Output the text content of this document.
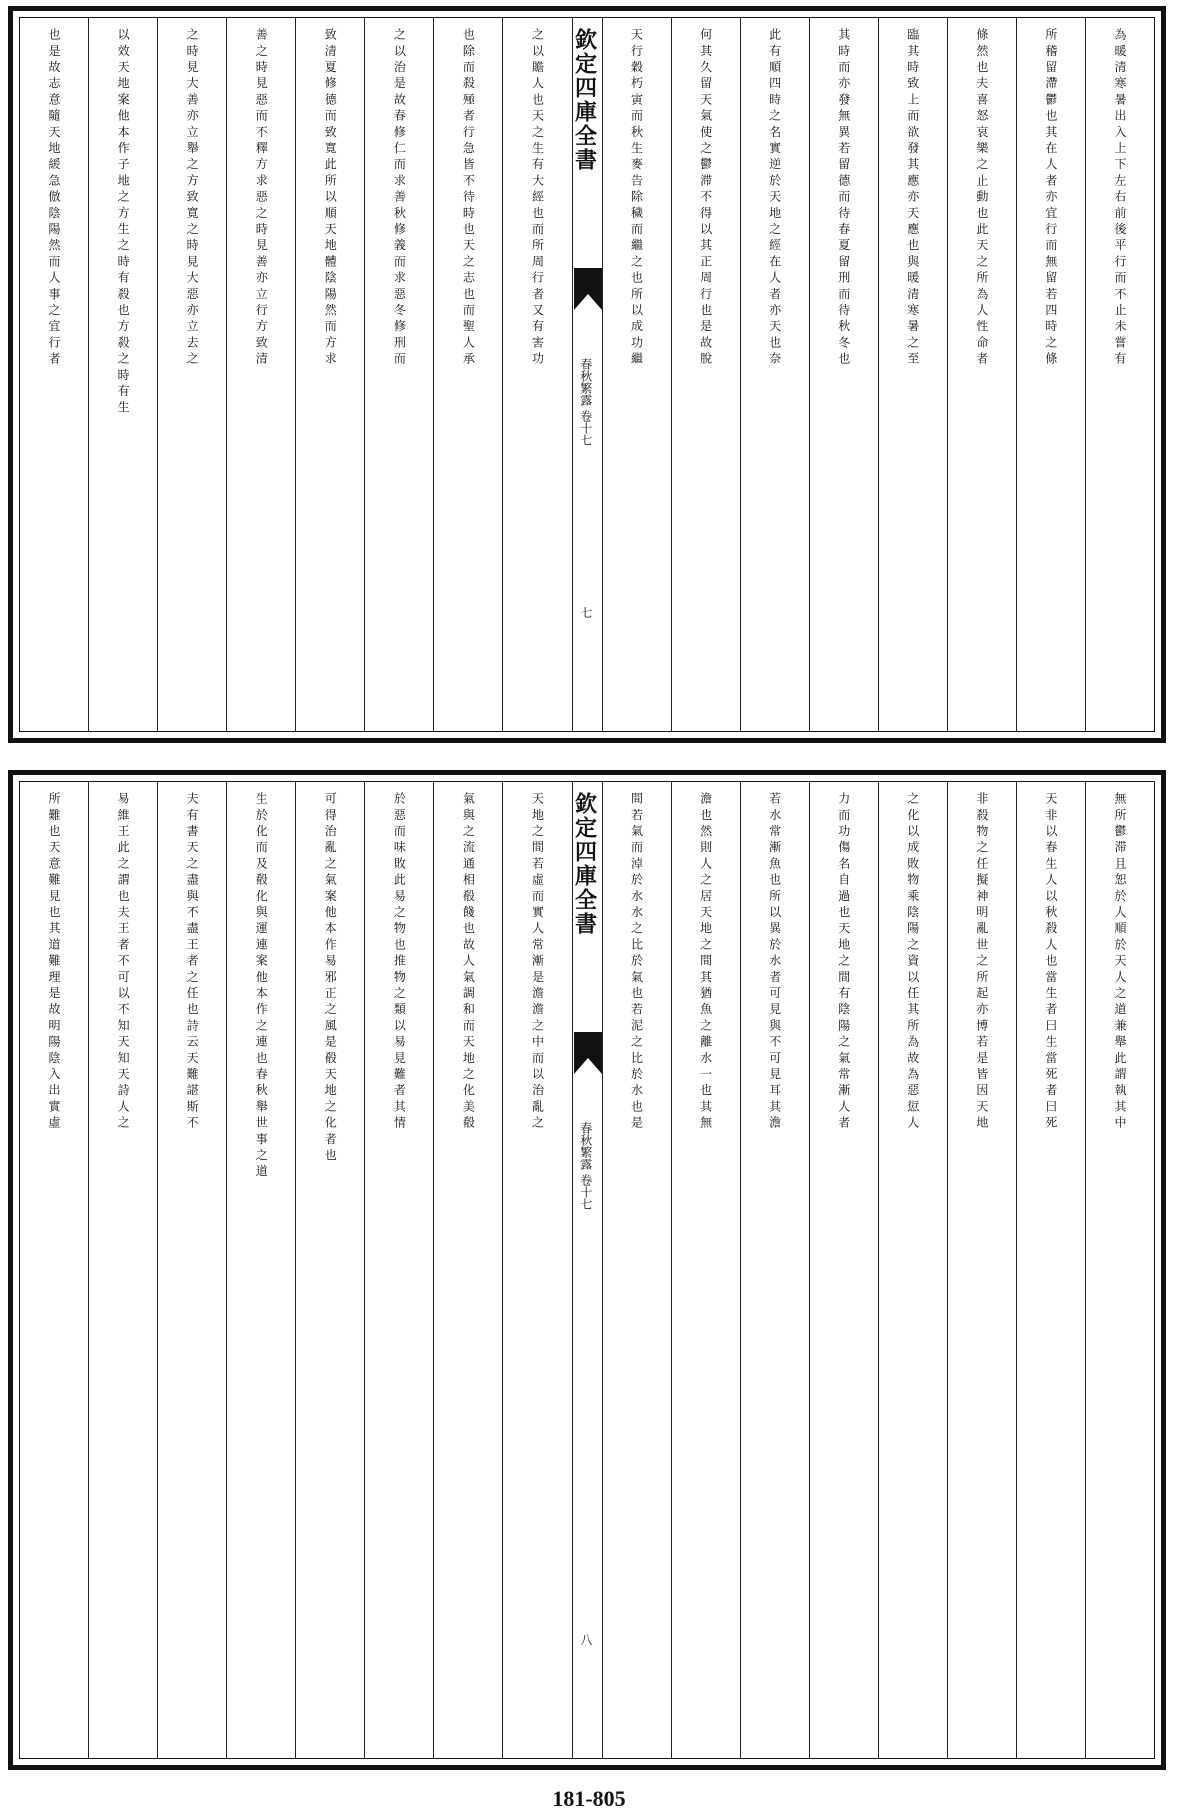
為暖清寒暑出入上下左右前後平行而不止未嘗有
所稽留滯鬱也其在人者亦宜行而無留若四時之條
條然也夫喜怒哀樂之止動也此天之所為人性命者
臨其時致上而欲發其應亦天應也與暖清寒暑之至
其時而亦發無異若留德而待春夏留刑而待秋冬也
此有順四時之名實逆於天地之經在人者亦天也奈
何其久留天氣使之鬱滞不得以其正周行也是故脫
天行穀朽寅而秋生麥告除穢而繼之也所以成功繼
欽定四庫全書
春秋繁露 卷十七
七
之以贍人也天之生有大經也而所周行者又有害功
也除而殺殛者行急皆不待時也天之志也而聖人承
之以治是故春修仁而求善秋修義而求惡冬修刑而
致清夏修德而致寬此所以順天地體陰陽然而方求
善之時見惡而不釋方求惡之時見善亦立行方致清
之時見大善亦立舉之方致寬之時見大惡亦立去之
以效天地案他本作子地之方生之時有殺也方殺之時有生
也是故志意隨天地緩急倣陰陽然而人事之宜行者
無所鬱滞且恕於人順於天人之道兼舉此謂執其中
天非以春生人以秋殺人也當生者曰生當死者曰死
非殺物之任擬神明亂世之所起亦博若是皆因天地
之化以成敗物乘陰陽之資以任其所為故為惡愆人
力而功傷名自過也天地之間有陰陽之氣常漸人者
若水常漸魚也所以異於水者可見與不可見耳其澹
澹也然則人之居天地之間其猶魚之離水一也其無
間若氣而淖於水水之比於氣也若泥之比於水也是
欽定四庫全書
春秋繁露 卷十七
八
天地之間若虛而實人常漸是澹澹之中而以治亂之
氣與之流通相殽餞也故人氣調和而天地之化美殽
於惡而味敗此易之物也推物之類以易見難者其情
可得治亂之氣案他本作易邪正之風是殽天地之化者也
生於化而及殽化與運連案他本作之連也春秋舉世事之道
夫有書天之盡與不盡王者之任也詩云天難諶斯不
易維王此之謂也夫王者不可以不知天知天詩人之
所難也天意難見也其道難理是故明陽陰入出實虛
181-805
